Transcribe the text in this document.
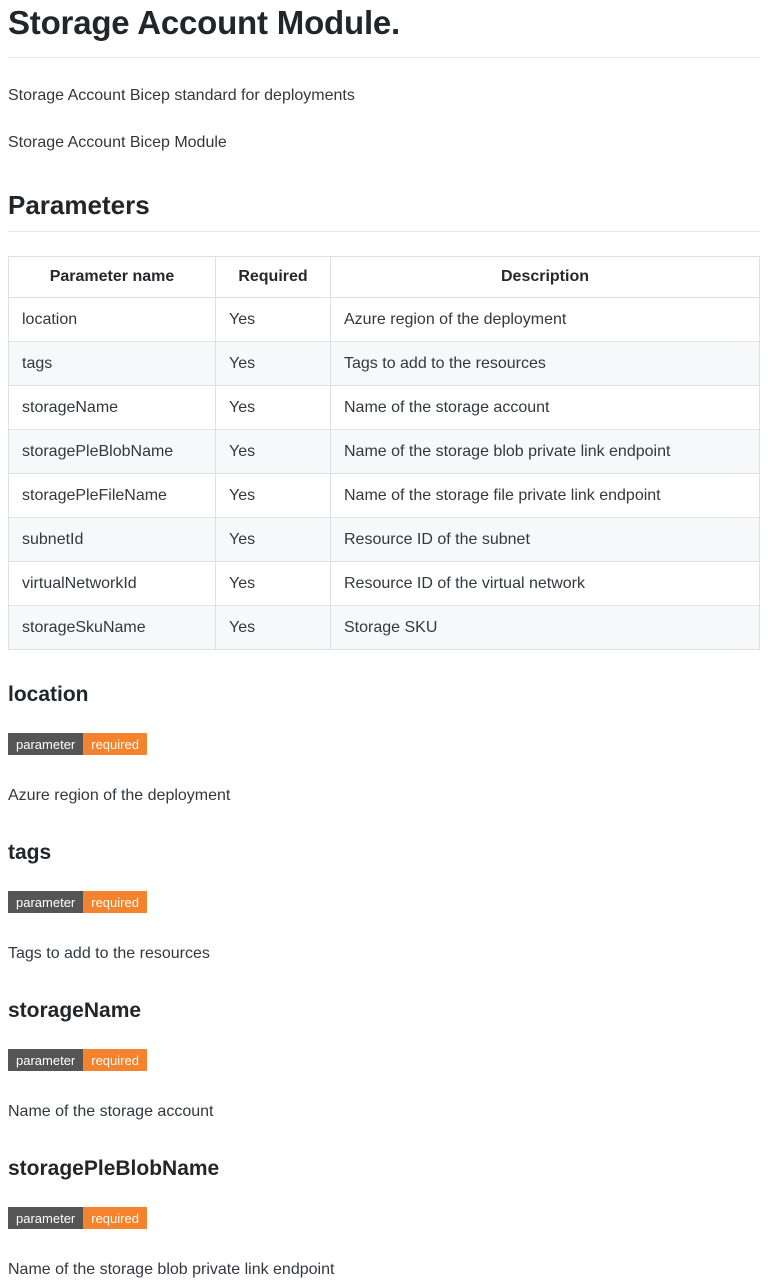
Storage Account Module.

Storage Account Bicep standard for deployments

Storage Account Bicep Module

Parameters
Parameter name	Required	Description
location	Yes	Azure region of the deployment
tags	Yes	Tags to add to the resources
storageName	Yes	Name of the storage account
storagePleBlobName	Yes	Name of the storage blob private link endpoint
storagePleFileName	Yes	Name of the storage file private link endpoint
subnetId	Yes	Resource ID of the subnet
virtualNetworkId	Yes	Resource ID of the virtual network
storageSkuName	Yes	Storage SKU
location
parameter	required

Azure region of the deployment

tags
parameter	required

Tags to add to the resources

storageName
parameter	required

Name of the storage account

storagePleBlobName
parameter	required

Name of the storage blob private link endpoint
